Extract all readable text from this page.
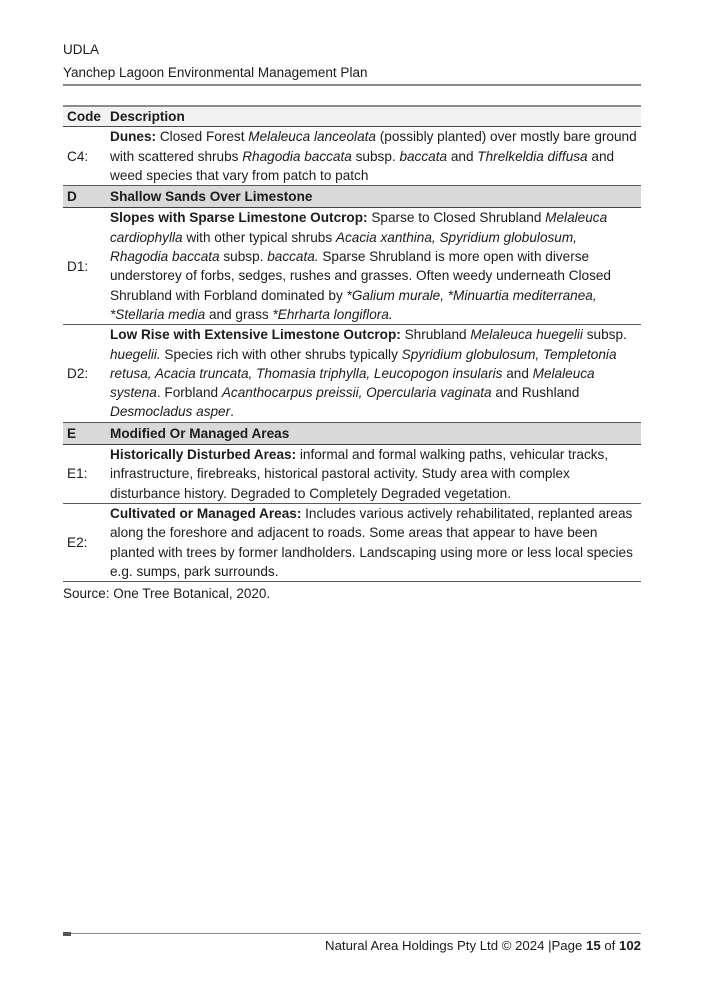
UDLA
Yanchep Lagoon Environmental Management Plan
Code	Description
C4:	Dunes: Closed Forest Melaleuca lanceolata (possibly planted) over mostly bare ground with scattered shrubs Rhagodia baccata subsp. baccata and Threlkeldia diffusa and weed species that vary from patch to patch
D	Shallow Sands Over Limestone
D1:	Slopes with Sparse Limestone Outcrop: Sparse to Closed Shrubland Melaleuca cardiophylla with other typical shrubs Acacia xanthina, Spyridium globulosum, Rhagodia baccata subsp. baccata. Sparse Shrubland is more open with diverse understorey of forbs, sedges, rushes and grasses. Often weedy underneath Closed Shrubland with Forbland dominated by *Galium murale, *Minuartia mediterranea, *Stellaria media and grass *Ehrharta longiflora.
D2:	Low Rise with Extensive Limestone Outcrop: Shrubland Melaleuca huegelii subsp. huegelii. Species rich with other shrubs typically Spyridium globulosum, Templetonia retusa, Acacia truncata, Thomasia triphylla, Leucopogon insularis and Melaleuca systena. Forbland Acanthocarpus preissii, Opercularia vaginata and Rushland Desmocladus asper.
E	Modified Or Managed Areas
E1:	Historically Disturbed Areas: informal and formal walking paths, vehicular tracks, infrastructure, firebreaks, historical pastoral activity. Study area with complex disturbance history. Degraded to Completely Degraded vegetation.
E2:	Cultivated or Managed Areas: Includes various actively rehabilitated, replanted areas along the foreshore and adjacent to roads. Some areas that appear to have been planted with trees by former landholders. Landscaping using more or less local species e.g. sumps, park surrounds.
Source: One Tree Botanical, 2020.
Natural Area Holdings Pty Ltd © 2024 |Page 15 of 102
